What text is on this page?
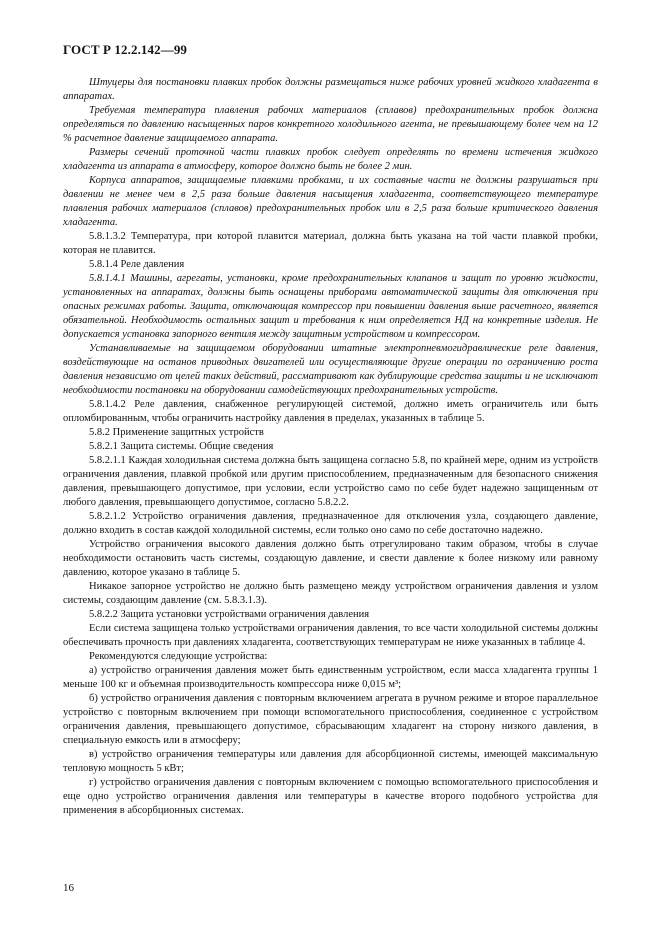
ГОСТ Р 12.2.142—99

Штуцеры для постановки плавких пробок должны размещаться ниже рабочих уровней жидкого хладагента в аппаратах.

Требуемая температура плавления рабочих материалов (сплавов) предохранительных пробок должна определяться по давлению насыщенных паров конкретного холодильного агента, не превышающему более чем на 12 % расчетное давление защищаемого аппарата.

Размеры сечений проточной части плавких пробок следует определять по времени истечения жидкого хладагента из аппарата в атмосферу, которое должно быть не более 2 мин.

Корпуса аппаратов, защищаемые плавкими пробками, и их составные части не должны разрушаться при давлении не менее чем в 2,5 раза больше давления насыщения хладагента, соответствующего температуре плавления рабочих материалов (сплавов) предохранительных пробок или в 2,5 раза больше критического давления хладагента.

5.8.1.3.2 Температура, при которой плавится материал, должна быть указана на той части плавкой пробки, которая не плавится.

5.8.1.4 Реле давления

5.8.1.4.1 Машины, агрегаты, установки, кроме предохранительных клапанов и защит по уровню жидкости, установленных на аппаратах, должны быть оснащены приборами автоматической защиты для отключения при опасных режимах работы. Защита, отключающая компрессор при повышении давления выше расчетного, является обязательной. Необходимость остальных защит и требования к ним определяется НД на конкретные изделия. Не допускается установка запорного вентиля между защитным устройством и компрессором.

Устанавливаемые на защищаемом оборудовании штатные электропневмогидравлические реле давления, воздействующие на останов приводных двигателей или осуществляющие другие операции по ограничению роста давления независимо от целей таких действий, рассматривают как дублирующие средства защиты и не исключают необходимости постановки на оборудовании самодействующих предохранительных устройств.

5.8.1.4.2 Реле давления, снабженное регулирующей системой, должно иметь ограничитель или быть опломбированным, чтобы ограничить настройку давления в пределах, указанных в таблице 5.

5.8.2 Применение защитных устройств

5.8.2.1 Защита системы. Общие сведения

5.8.2.1.1 Каждая холодильная система должна быть защищена согласно 5.8, по крайней мере, одним из устройств ограничения давления, плавкой пробкой или другим приспособлением, предназначенным для безопасного снижения давления, превышающего допустимое, при условии, если устройство само по себе будет надежно защищенным от любого давления, превышающего допустимое, согласно 5.8.2.2.

5.8.2.1.2 Устройство ограничения давления, предназначенное для отключения узла, создающего давление, должно входить в состав каждой холодильной системы, если только оно само по себе достаточно надежно.

Устройство ограничения высокого давления должно быть отрегулировано таким образом, чтобы в случае необходимости остановить часть системы, создающую давление, и свести давление к более низкому или равному давлению, которое указано в таблице 5.

Никакое запорное устройство не должно быть размещено между устройством ограничения давления и узлом системы, создающим давление (см. 5.8.3.1.3).

5.8.2.2 Защита установки устройствами ограничения давления

Если система защищена только устройствами ограничения давления, то все части холодильной системы должны обеспечивать прочность при давлениях хладагента, соответствующих температурам не ниже указанных в таблице 4.

Рекомендуются следующие устройства:

а) устройство ограничения давления может быть единственным устройством, если масса хладагента группы 1 меньше 100 кг и объемная производительность компрессора ниже 0,015 м³;

б) устройство ограничения давления с повторным включением агрегата в ручном режиме и второе параллельное устройство с повторным включением при помощи вспомогательного приспособления, соединенное с устройством ограничения давления, превышающего допустимое, сбрасывающим хладагент на сторону низкого давления, в специальную емкость или в атмосферу;

в) устройство ограничения температуры или давления для абсорбционной системы, имеющей максимальную тепловую мощность 5 кВт;

г) устройство ограничения давления с повторным включением с помощью вспомогательного приспособления и еще одно устройство ограничения давления или температуры в качестве второго подобного устройства для применения в абсорбционных системах.

16
